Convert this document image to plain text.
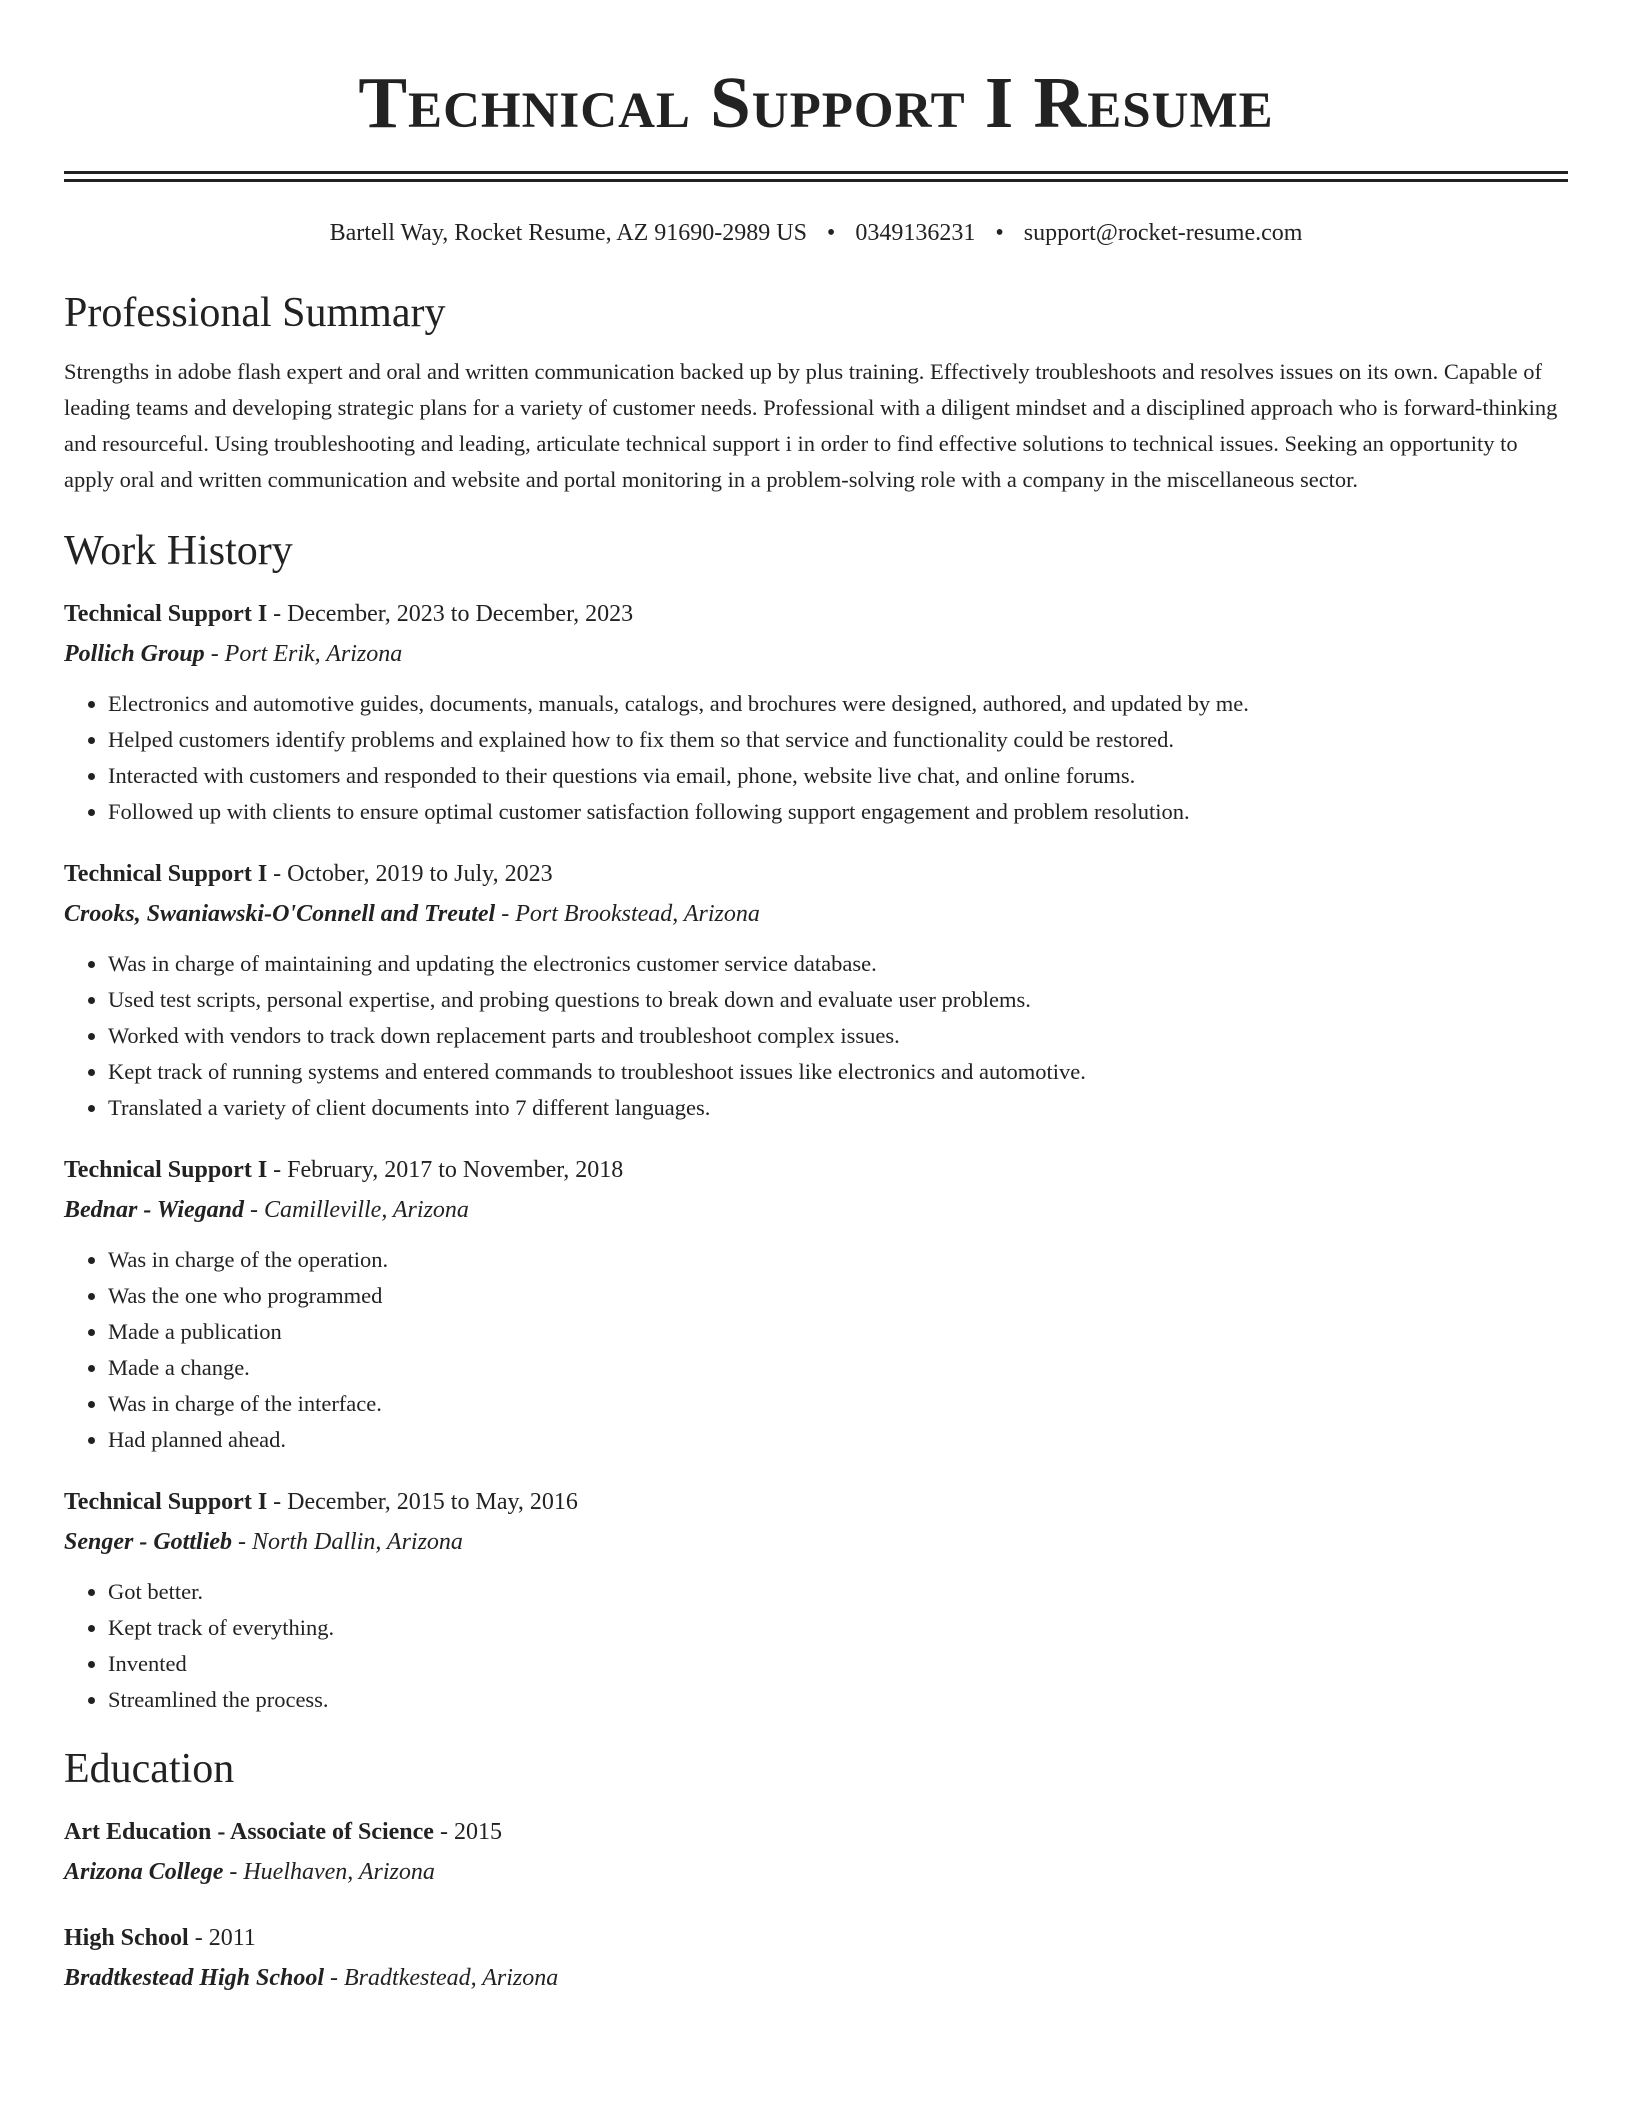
Technical Support I Resume
Bartell Way, Rocket Resume, AZ 91690-2989 US • 0349136231 • support@rocket-resume.com
Professional Summary

Strengths in adobe flash expert and oral and written communication backed up by plus training. Effectively troubleshoots and resolves issues on its own. Capable of leading teams and developing strategic plans for a variety of customer needs. Professional with a diligent mindset and a disciplined approach who is forward-thinking and resourceful. Using troubleshooting and leading, articulate technical support i in order to find effective solutions to technical issues. Seeking an opportunity to apply oral and written communication and website and portal monitoring in a problem-solving role with a company in the miscellaneous sector.

Work History
Technical Support I - December, 2023 to December, 2023
Pollich Group - Port Erik, Arizona
• Electronics and automotive guides, documents, manuals, catalogs, and brochures were designed, authored, and updated by me.
• Helped customers identify problems and explained how to fix them so that service and functionality could be restored.
• Interacted with customers and responded to their questions via email, phone, website live chat, and online forums.
• Followed up with clients to ensure optimal customer satisfaction following support engagement and problem resolution.
Technical Support I - October, 2019 to July, 2023
Crooks, Swaniawski-O'Connell and Treutel - Port Brookstead, Arizona
• Was in charge of maintaining and updating the electronics customer service database.
• Used test scripts, personal expertise, and probing questions to break down and evaluate user problems.
• Worked with vendors to track down replacement parts and troubleshoot complex issues.
• Kept track of running systems and entered commands to troubleshoot issues like electronics and automotive.
• Translated a variety of client documents into 7 different languages.
Technical Support I - February, 2017 to November, 2018
Bednar - Wiegand - Camilleville, Arizona
• Was in charge of the operation.
• Was the one who programmed
• Made a publication
• Made a change.
• Was in charge of the interface.
• Had planned ahead.
Technical Support I - December, 2015 to May, 2016
Senger - Gottlieb - North Dallin, Arizona
• Got better.
• Kept track of everything.
• Invented
• Streamlined the process.
Education
Art Education - Associate of Science - 2015
Arizona College - Huelhaven, Arizona
High School - 2011
Bradtkestead High School - Bradtkestead, Arizona
